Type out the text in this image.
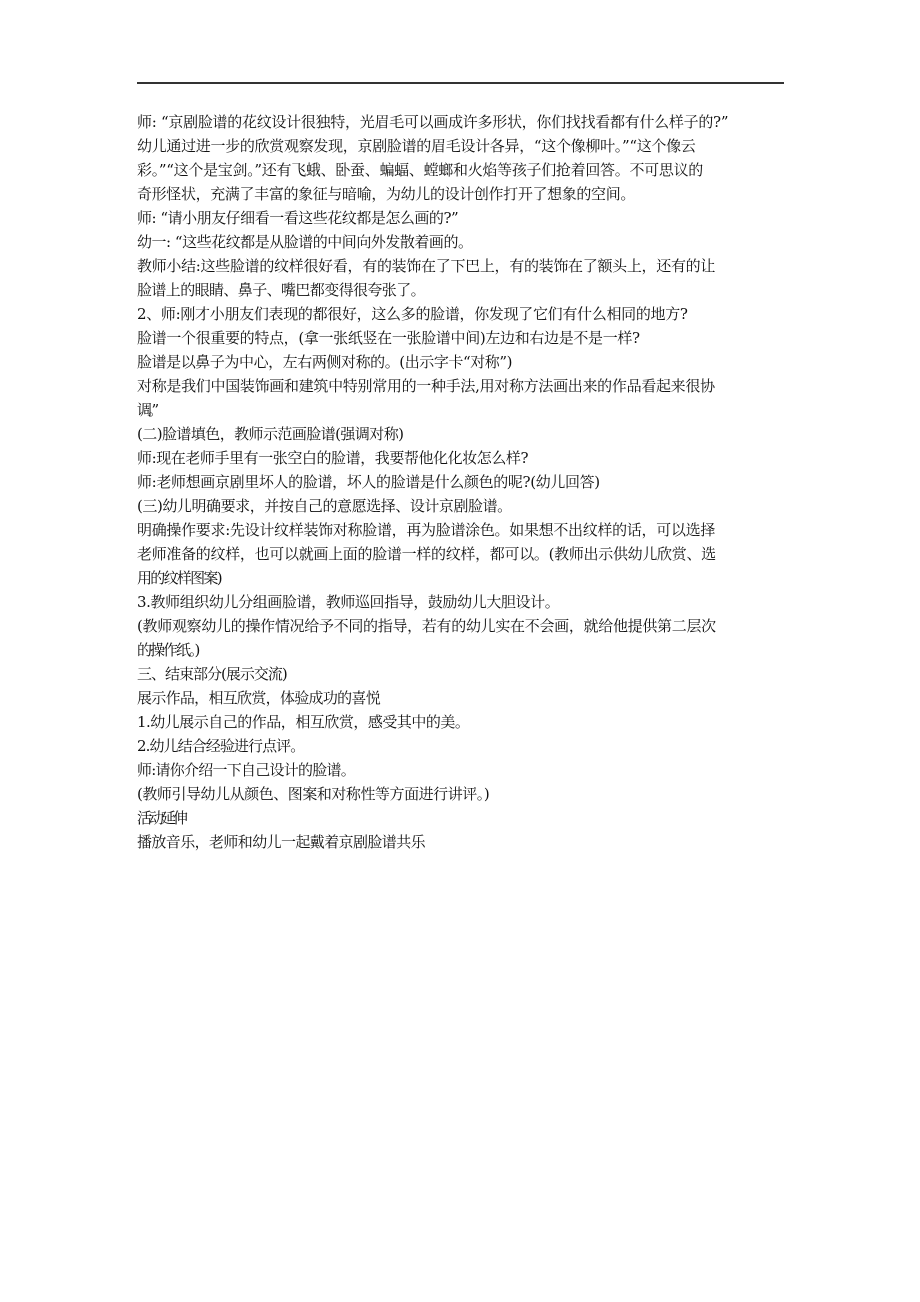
师: “京剧脸谱的花纹设计很独特，光眉毛可以画成许多形状，你们找找看都有什么样子的?”
幼儿通过进一步的欣赏观察发现，京剧脸谱的眉毛设计各异，“这个像柳叶。”“这个像云
彩。”“这个是宝剑。”还有飞蛾、卧蚕、蝙蝠、螳螂和火焰等孩子们抢着回答。不可思议的
奇形怪状，充满了丰富的象征与暗喻，为幼儿的设计创作打开了想象的空间。
师: “请小朋友仔细看一看这些花纹都是怎么画的?”
幼一: “这些花纹都是从脸谱的中间向外发散着画的。
教师小结:这些脸谱的纹样很好看，有的装饰在了下巴上，有的装饰在了额头上，还有的让
脸谱上的眼睛、鼻子、嘴巴都变得很夸张了。
2、师:刚才小朋友们表现的都很好，这么多的脸谱，你发现了它们有什么相同的地方?
脸谱一个很重要的特点，(拿一张纸竖在一张脸谱中间)左边和右边是不是一样?
脸谱是以鼻子为中心，左右两侧对称的。(出示字卡“对称”)
对称是我们中国装饰画和建筑中特别常用的一种手法,用对称方法画出来的作品看起来很协
调。”
(二)脸谱填色，教师示范画脸谱(强调对称)
师:现在老师手里有一张空白的脸谱，我要帮他化化妆怎么样?
师:老师想画京剧里坏人的脸谱，坏人的脸谱是什么颜色的呢?(幼儿回答)
(三)幼儿明确要求，并按自己的意愿选择、设计京剧脸谱。
明确操作要求:先设计纹样装饰对称脸谱，再为脸谱涂色。如果想不出纹样的话，可以选择
老师准备的纹样，也可以就画上面的脸谱一样的纹样，都可以。(教师出示供幼儿欣赏、选
用的纹样图案)
3.教师组织幼儿分组画脸谱，教师巡回指导，鼓励幼儿大胆设计。
(教师观察幼儿的操作情况给予不同的指导，若有的幼儿实在不会画，就给他提供第二层次
的操作纸。)
三、结束部分(展示交流)
展示作品，相互欣赏，体验成功的喜悦
1.幼儿展示自己的作品，相互欣赏，感受其中的美。
2.幼儿结合经验进行点评。
师:请你介绍一下自己设计的脸谱。
(教师引导幼儿从颜色、图案和对称性等方面进行讲评。)
活动延伸
播放音乐，老师和幼儿一起戴着京剧脸谱共乐
